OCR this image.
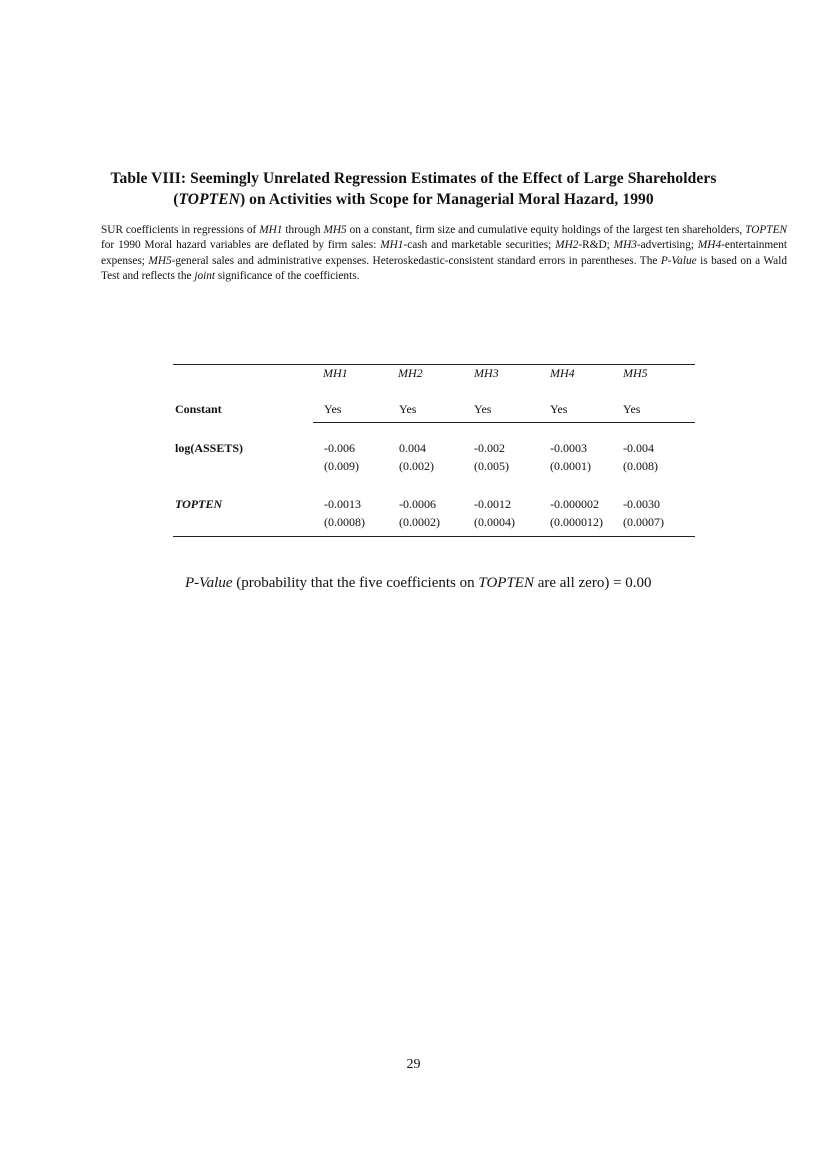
Table VIII: Seemingly Unrelated Regression Estimates of the Effect of Large Shareholders
(TOPTEN) on Activities with Scope for Managerial Moral Hazard, 1990
SUR coefficients in regressions of MH1 through MH5 on a constant, firm size and cumulative equity holdings of the largest ten shareholders, TOPTEN for 1990 Moral hazard variables are deflated by firm sales: MH1-cash and marketable securities; MH2-R&D; MH3-advertising; MH4-entertainment expenses; MH5-general sales and administrative expenses. Heteroskedastic-consistent standard errors in parentheses. The P-Value is based on a Wald Test and reflects the joint significance of the coefficients.
MH1	MH2	MH3	MH4	MH5
Constant	Yes	Yes	Yes	Yes	Yes
log(ASSETS)	-0.006	0.004	-0.002	-0.0003	-0.004
(0.009)	(0.002)	(0.005)	(0.0001)	(0.008)
TOPTEN	-0.0013	-0.0006	-0.0012	-0.000002 -0.0030
(0.0008)	(0.0002)	(0.0004)	(0.000012) (0.0007)
P-Value (probability that the five coefficients on TOPTEN are all zero) = 0.00
29
